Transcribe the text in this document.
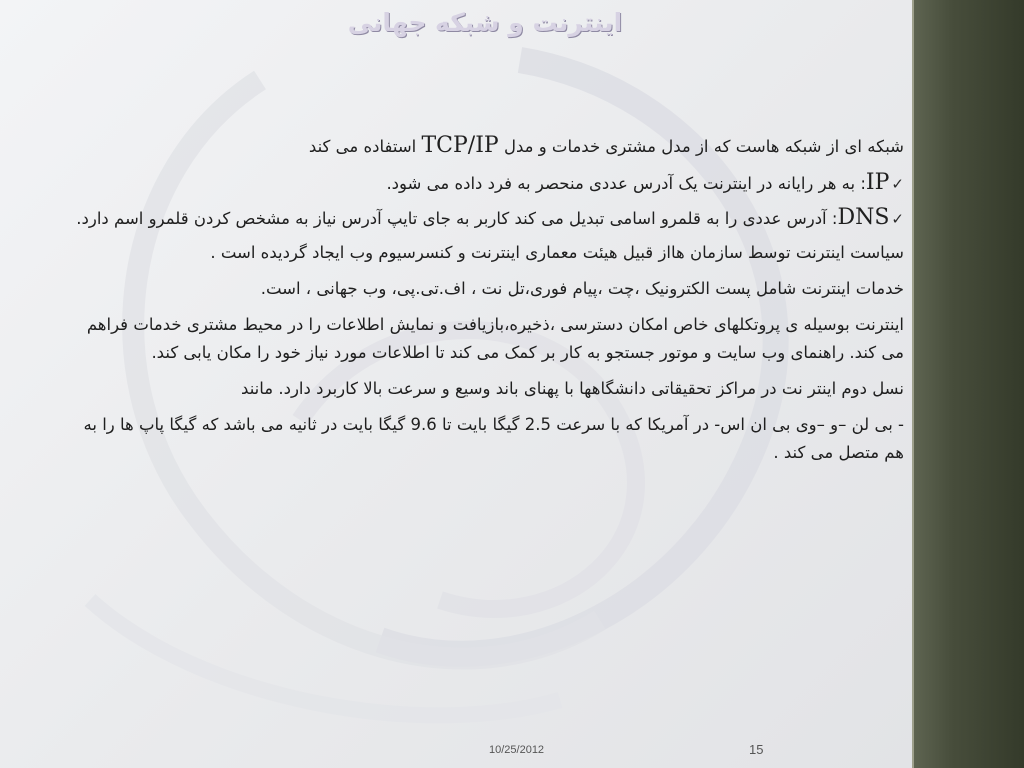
اینترنت و شبکه جهانی

شبکه ای از شبکه هاست که از مدل مشتری خدمات و مدل TCP/IP استفاده می کند

✓IP: به هر رایانه در اینترنت یک آدرس عددی منحصر به فرد داده می شود.

✓DNS: آدرس عددی را به قلمرو اسامی تبدیل می کند کاربر به جای تایپ آدرس نیاز به مشخص کردن قلمرو اسم دارد.

سیاست اینترنت توسط سازمان هااز قبیل هیئت معماری اینترنت و کنسرسیوم وب ایجاد گردیده است .

خدمات اینترنت شامل پست الکترونیک ،چت ،پیام فوری،تل نت ، اف.تی.پی، وب جهانی ، است.

اینترنت بوسیله ی پروتکلهای خاص امکان دسترسی ،ذخیره،بازیافت و نمایش اطلاعات را در محیط مشتری خدمات فراهم می کند. راهنمای وب سایت و موتور جستجو به کار بر کمک می کند تا اطلاعات مورد نیاز خود را مکان یابی کند.

نسل دوم اینتر نت در مراکز تحقیقاتی دانشگاهها با پهنای باند وسیع و سرعت بالا کاربرد دارد. مانند

- بی لن –و –وی بی ان اس- در آمریکا که با سرعت 2.5 گیگا بایت تا 9.6 گیگا بایت در ثانیه می باشد که گیگا پاپ ها را به هم متصل می کند .

10/25/2012	15
